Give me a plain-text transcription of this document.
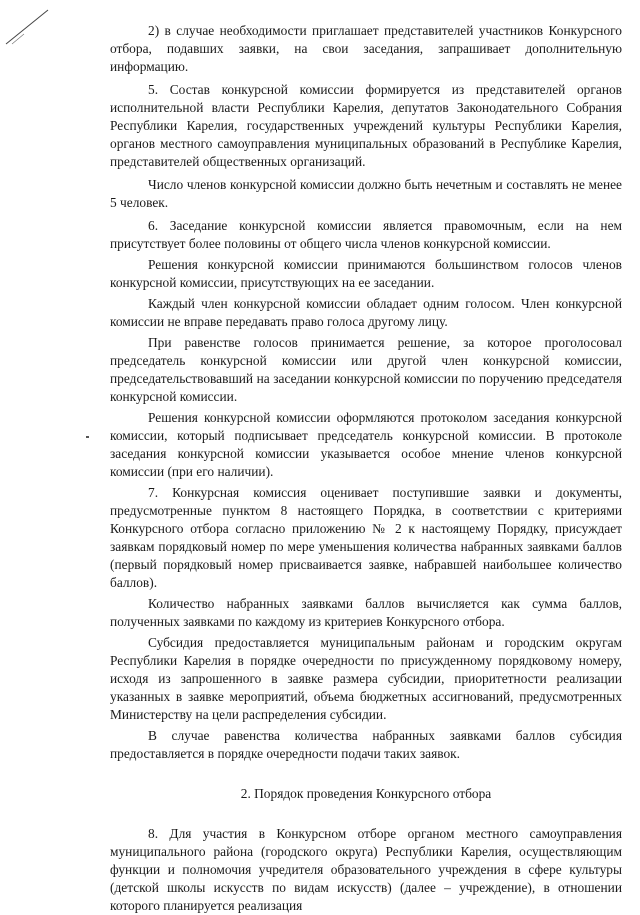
2) в случае необходимости приглашает представителей участников Конкурсного отбора, подавших заявки, на свои заседания, запрашивает дополнительную информацию.

5. Состав конкурсной комиссии формируется из представителей органов исполнительной власти Республики Карелия, депутатов Законодательного Собрания Республики Карелия, государственных учреждений культуры Республики Карелия, органов местного самоуправления муниципальных образований в Республике Карелия, представителей общественных организаций.

Число членов конкурсной комиссии должно быть нечетным и составлять не менее 5 человек.

6. Заседание конкурсной комиссии является правомочным, если на нем присутствует более половины от общего числа членов конкурсной комиссии.

Решения конкурсной комиссии принимаются большинством голосов членов конкурсной комиссии, присутствующих на ее заседании.

Каждый член конкурсной комиссии обладает одним голосом. Член конкурсной комиссии не вправе передавать право голоса другому лицу.

При равенстве голосов принимается решение, за которое проголосовал председатель конкурсной комиссии или другой член конкурсной комиссии, председательствовавший на заседании конкурсной комиссии по поручению председателя конкурсной комиссии.

Решения конкурсной комиссии оформляются протоколом заседания конкурсной комиссии, который подписывает председатель конкурсной комиссии. В протоколе заседания конкурсной комиссии указывается особое мнение членов конкурсной комиссии (при его наличии).

7. Конкурсная комиссия оценивает поступившие заявки и документы, предусмотренные пунктом 8 настоящего Порядка, в соответствии с критериями Конкурсного отбора согласно приложению № 2 к настоящему Порядку, присуждает заявкам порядковый номер по мере уменьшения количества набранных заявками баллов (первый порядковый номер присваивается заявке, набравшей наибольшее количество баллов).

Количество набранных заявками баллов вычисляется как сумма баллов, полученных заявками по каждому из критериев Конкурсного отбора.

Субсидия предоставляется муниципальным районам и городским округам Республики Карелия в порядке очередности по присужденному порядковому номеру, исходя из запрошенного в заявке размера субсидии, приоритетности реализации указанных в заявке мероприятий, объема бюджетных ассигнований, предусмотренных Министерству на цели распределения субсидии.

В случае равенства количества набранных заявками баллов субсидия предоставляется в порядке очередности подачи таких заявок.

2. Порядок проведения Конкурсного отбора

8. Для участия в Конкурсном отборе органом местного самоуправления муниципального района (городского округа) Республики Карелия, осуществляющим функции и полномочия учредителя образовательного учреждения в сфере культуры (детской школы искусств по видам искусств) (далее – учреждение), в отношении которого планируется реализация
